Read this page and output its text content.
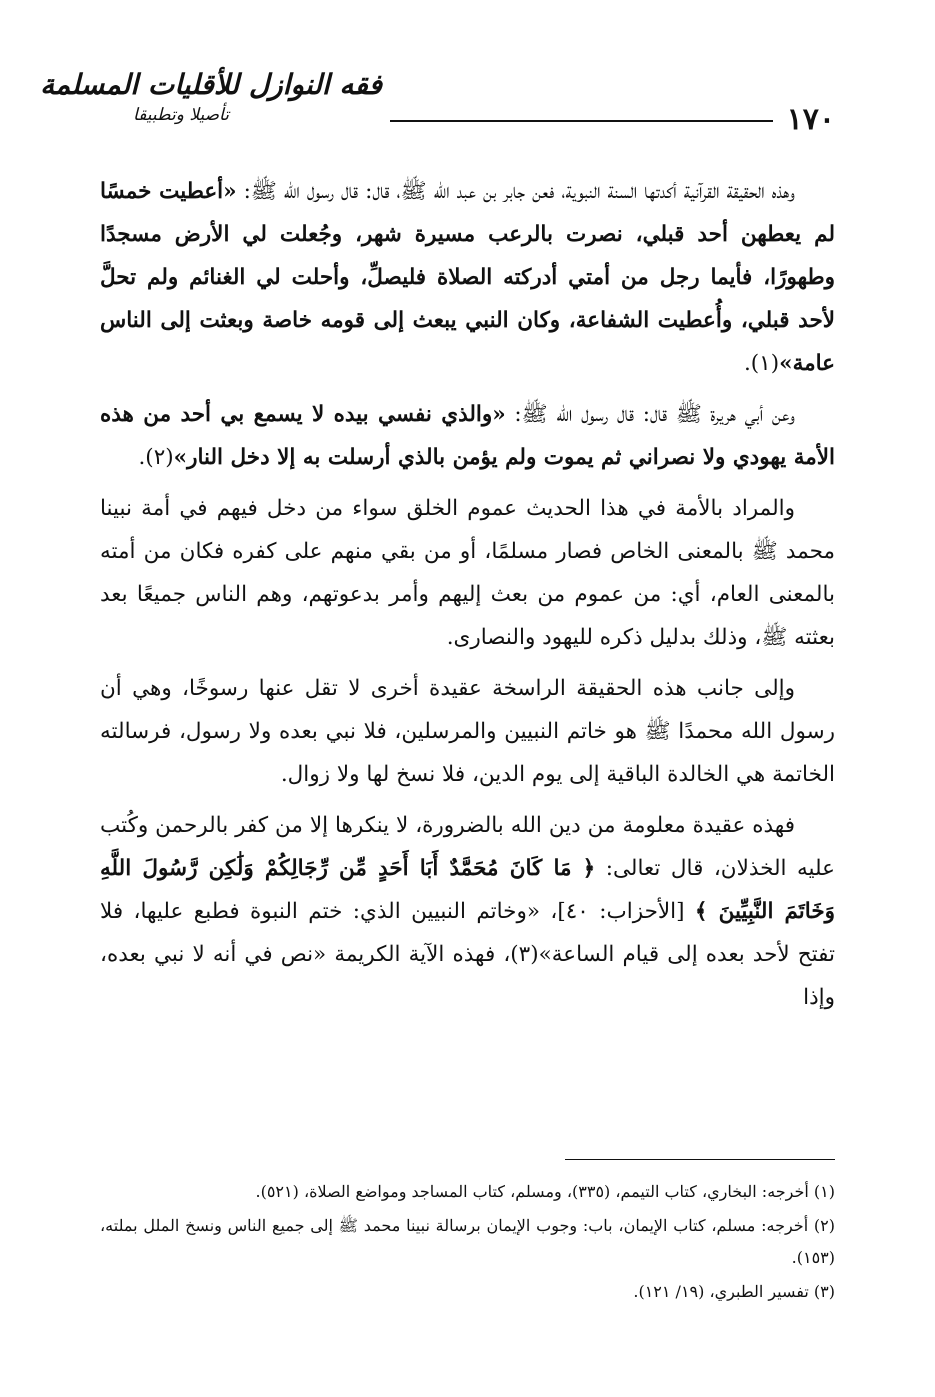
١٧٠
فقه النوازل للأقليات المسلمة
تأصيلا وتطبيقا

وهذه الحقيقة القرآنية أكدتها السنة النبوية، فعن جابر بن عبد الله ﷺ، قال: قال رسول الله ﷺ: «أعطيت خمسًا لم يعطهن أحد قبلي، نصرت بالرعب مسيرة شهر، وجُعلت لي الأرض مسجدًا وطهورًا، فأيما رجل من أمتي أدركته الصلاة فليصلِّ، وأحلت لي الغنائم ولم تحلَّ لأحد قبلي، وأُعطيت الشفاعة، وكان النبي يبعث إلى قومه خاصة وبعثت إلى الناس عامة»(١).

وعن أبي هريرة ﷺ قال: قال رسول الله ﷺ: «والذي نفسي بيده لا يسمع بي أحد من هذه الأمة يهودي ولا نصراني ثم يموت ولم يؤمن بالذي أرسلت به إلا دخل النار»(٢).

والمراد بالأمة في هذا الحديث عموم الخلق سواء من دخل فيهم في أمة نبينا محمد ﷺ بالمعنى الخاص فصار مسلمًا، أو من بقي منهم على كفره فكان من أمته بالمعنى العام، أي: من عموم من بعث إليهم وأمر بدعوتهم، وهم الناس جميعًا بعد بعثته ﷺ، وذلك بدليل ذكره لليهود والنصارى.

وإلى جانب هذه الحقيقة الراسخة عقيدة أخرى لا تقل عنها رسوخًا، وهي أن رسول الله محمدًا ﷺ هو خاتم النبيين والمرسلين، فلا نبي بعده ولا رسول، فرسالته الخاتمة هي الخالدة الباقية إلى يوم الدين، فلا نسخ لها ولا زوال.

فهذه عقيدة معلومة من دين الله بالضرورة، لا ينكرها إلا من كفر بالرحمن وكُتب عليه الخذلان، قال تعالى: ﴿ مَا كَانَ مُحَمَّدٌ أَبَا أَحَدٍ مِّن رِّجَالِكُمْ وَلَٰكِن رَّسُولَ اللَّهِ وَخَاتَمَ النَّبِيِّينَ ﴾ [الأحزاب: ٤٠]، «وخاتم النبيين الذي: ختم النبوة فطبع عليها، فلا تفتح لأحد بعده إلى قيام الساعة»(٣)، فهذه الآية الكريمة «نص في أنه لا نبي بعده، وإذا

(١) أخرجه: البخاري، كتاب التيمم، (٣٣٥)، ومسلم، كتاب المساجد ومواضع الصلاة، (٥٢١).
(٢) أخرجه: مسلم، كتاب الإيمان، باب: وجوب الإيمان برسالة نبينا محمد ﷺ إلى جميع الناس ونسخ الملل بملته، (١٥٣).
(٣) تفسير الطبري، (١٩/ ١٢١).
